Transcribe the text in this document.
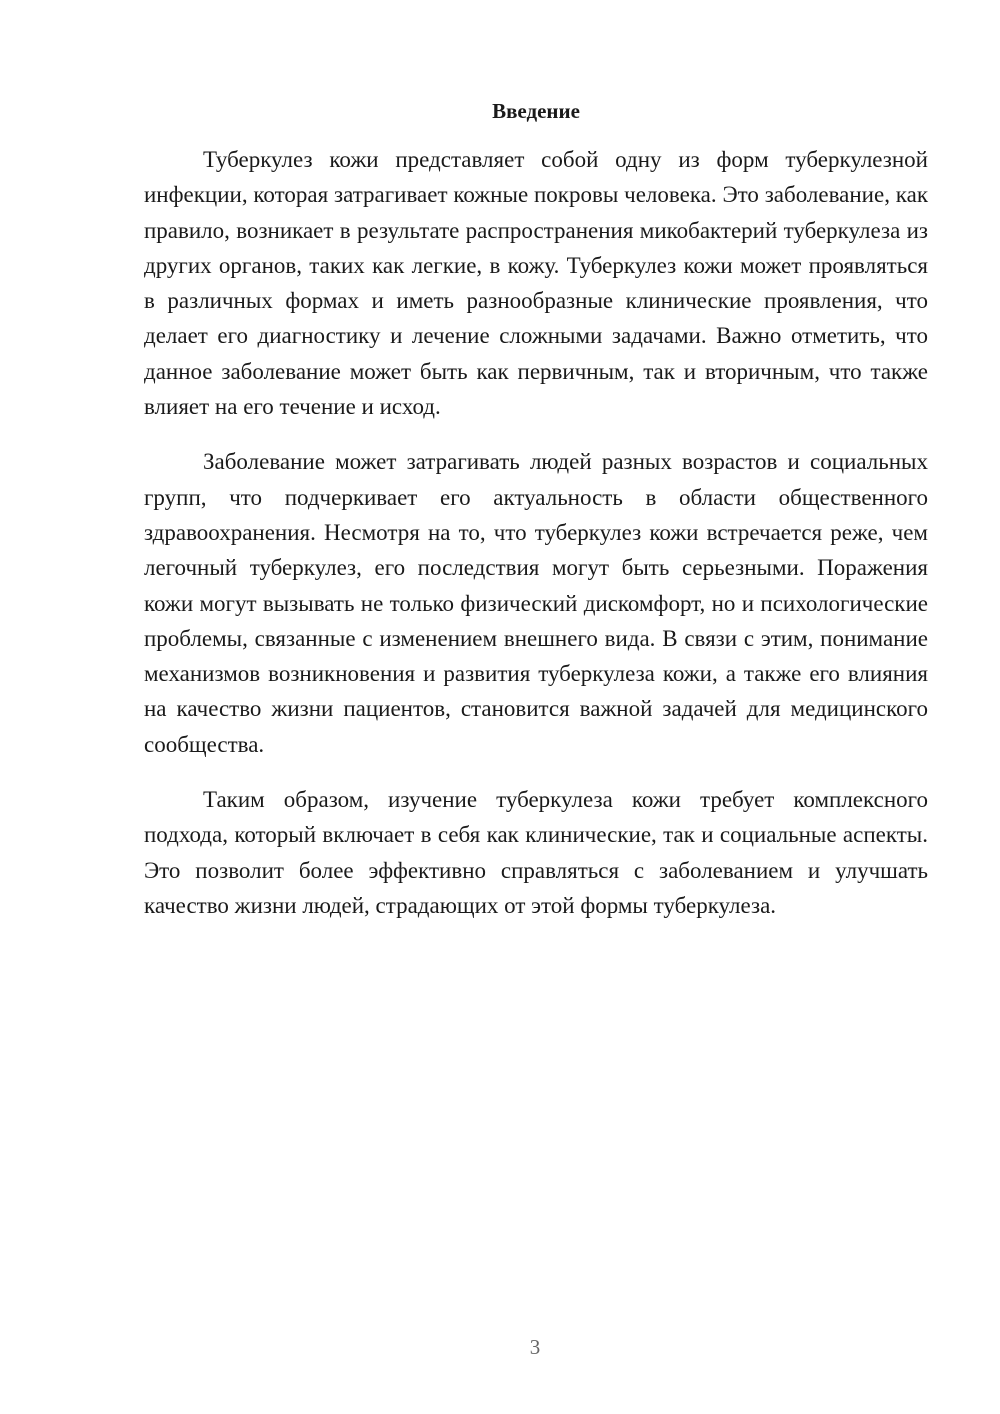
Введение

Туберкулез кожи представляет собой одну из форм туберкулезной инфекции, которая затрагивает кожные покровы человека. Это заболевание, как правило, возникает в результате распространения микобактерий туберкулеза из других органов, таких как легкие, в кожу. Туберкулез кожи может проявляться в различных формах и иметь разнообразные клинические проявления, что делает его диагностику и лечение сложными задачами. Важно отметить, что данное заболевание может быть как первичным, так и вторичным, что также влияет на его течение и исход.

Заболевание может затрагивать людей разных возрастов и социальных групп, что подчеркивает его актуальность в области общественного здравоохранения. Несмотря на то, что туберкулез кожи встречается реже, чем легочный туберкулез, его последствия могут быть серьезными. Поражения кожи могут вызывать не только физический дискомфорт, но и психологические проблемы, связанные с изменением внешнего вида. В связи с этим, понимание механизмов возникновения и развития туберкулеза кожи, а также его влияния на качество жизни пациентов, становится важной задачей для медицинского сообщества.

Таким образом, изучение туберкулеза кожи требует комплексного подхода, который включает в себя как клинические, так и социальные аспекты. Это позволит более эффективно справляться с заболеванием и улучшать качество жизни людей, страдающих от этой формы туберкулеза.

3
